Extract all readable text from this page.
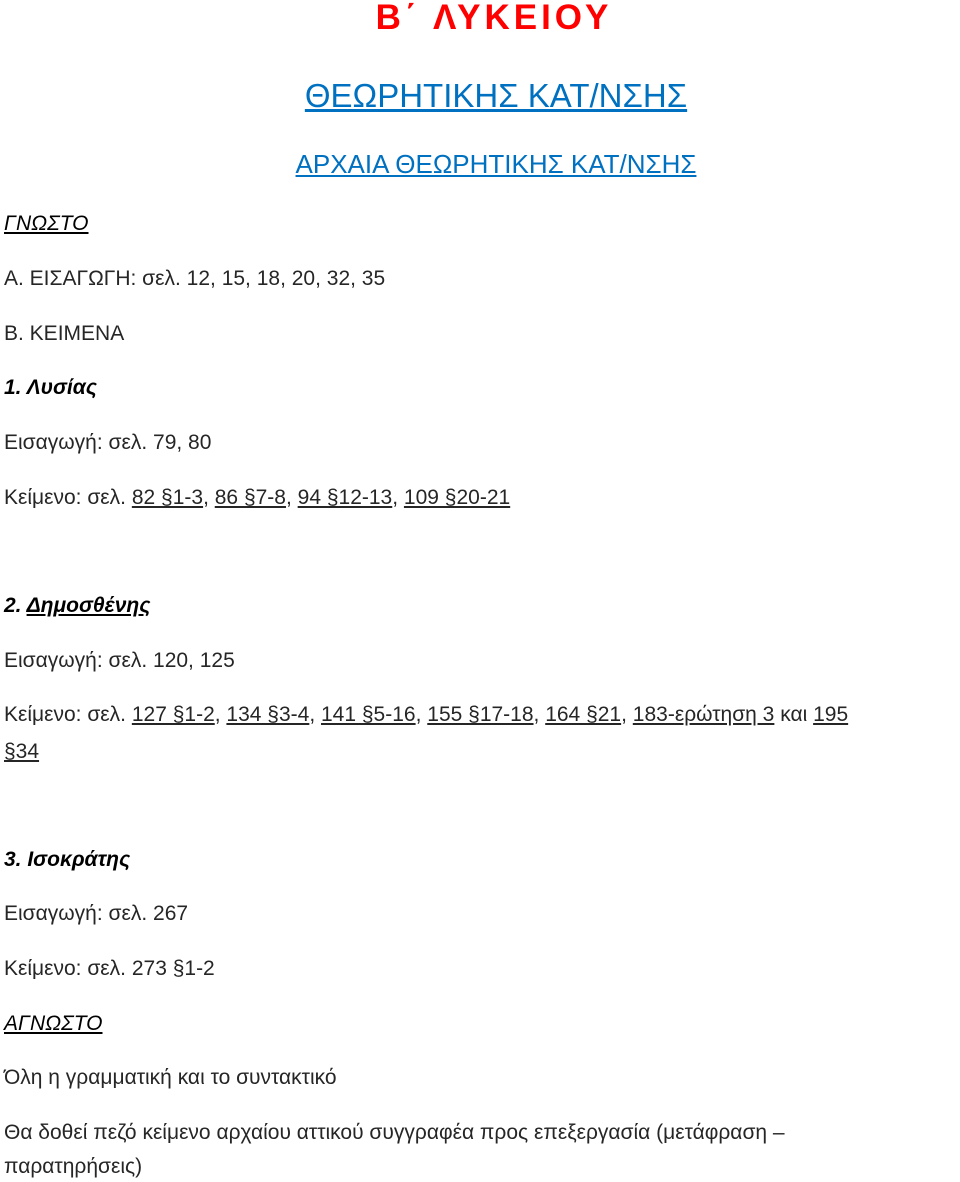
Β΄ ΛΥΚΕΙΟΥ
ΘΕΩΡΗΤΙΚΗΣ ΚΑΤ/ΝΣΗΣ
ΑΡΧΑΙΑ ΘΕΩΡΗΤΙΚΗΣ ΚΑΤ/ΝΣΗΣ
ΓΝΩΣΤΟ
Α. ΕΙΣΑΓΩΓΗ: σελ. 12, 15, 18, 20, 32, 35
Β. ΚΕΙΜΕΝΑ
1. Λυσίας
Εισαγωγή: σελ. 79, 80
Κείμενο: σελ. 82 §1-3, 86 §7-8, 94 §12-13, 109 §20-21
2. Δημοσθένης
Εισαγωγή: σελ. 120, 125
Κείμενο: σελ. 127 §1-2, 134 §3-4, 141 §5-16, 155 §17-18, 164 §21, 183-ερώτηση 3 και 195
§34
3. Ισοκράτης
Εισαγωγή: σελ. 267
Κείμενο: σελ. 273 §1-2
ΑΓΝΩΣΤΟ
Όλη η γραμματική και το συντακτικό
Θα δοθεί πεζό κείμενο αρχαίου αττικού συγγραφέα προς επεξεργασία (μετάφραση –
παρατηρήσεις)
